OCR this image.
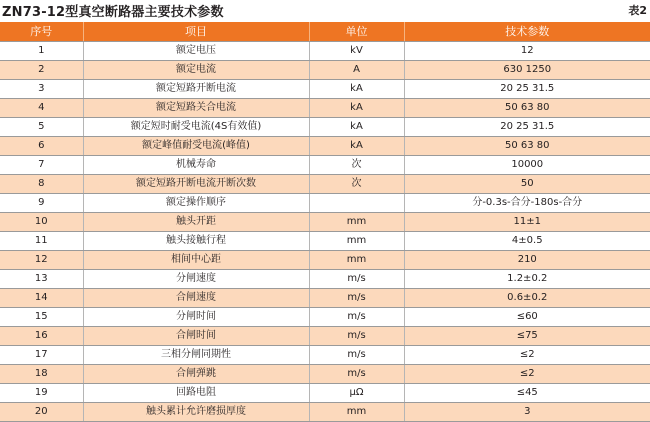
ZN73-12型真空断路器主要技术参数	表2
序号	项目	单位	技术参数
1	额定电压	kV	12
2	额定电流	A	630 1250
3	额定短路开断电流	kA	20 25 31.5
4	额定短路关合电流	kA	50 63 80
5	额定短时耐受电流(4S有效值)	kA	20 25 31.5
6	额定峰值耐受电流(峰值)	kA	50 63 80
7	机械寿命	次	10000
8	额定短路开断电流开断次数	次	50
9	额定操作顺序		分-0.3s-合分-180s-合分
10	触头开距	mm	11±1
11	触头接触行程	mm	4±0.5
12	相间中心距	mm	210
13	分闸速度	m/s	1.2±0.2
14	合闸速度	m/s	0.6±0.2
15	分闸时间	m/s	≤60
16	合闸时间	m/s	≤75
17	三相分闸同期性	m/s	≤2
18	合闸弹跳	m/s	≤2
19	回路电阻	μΩ	≤45
20	触头累计允许磨损厚度	mm	3
